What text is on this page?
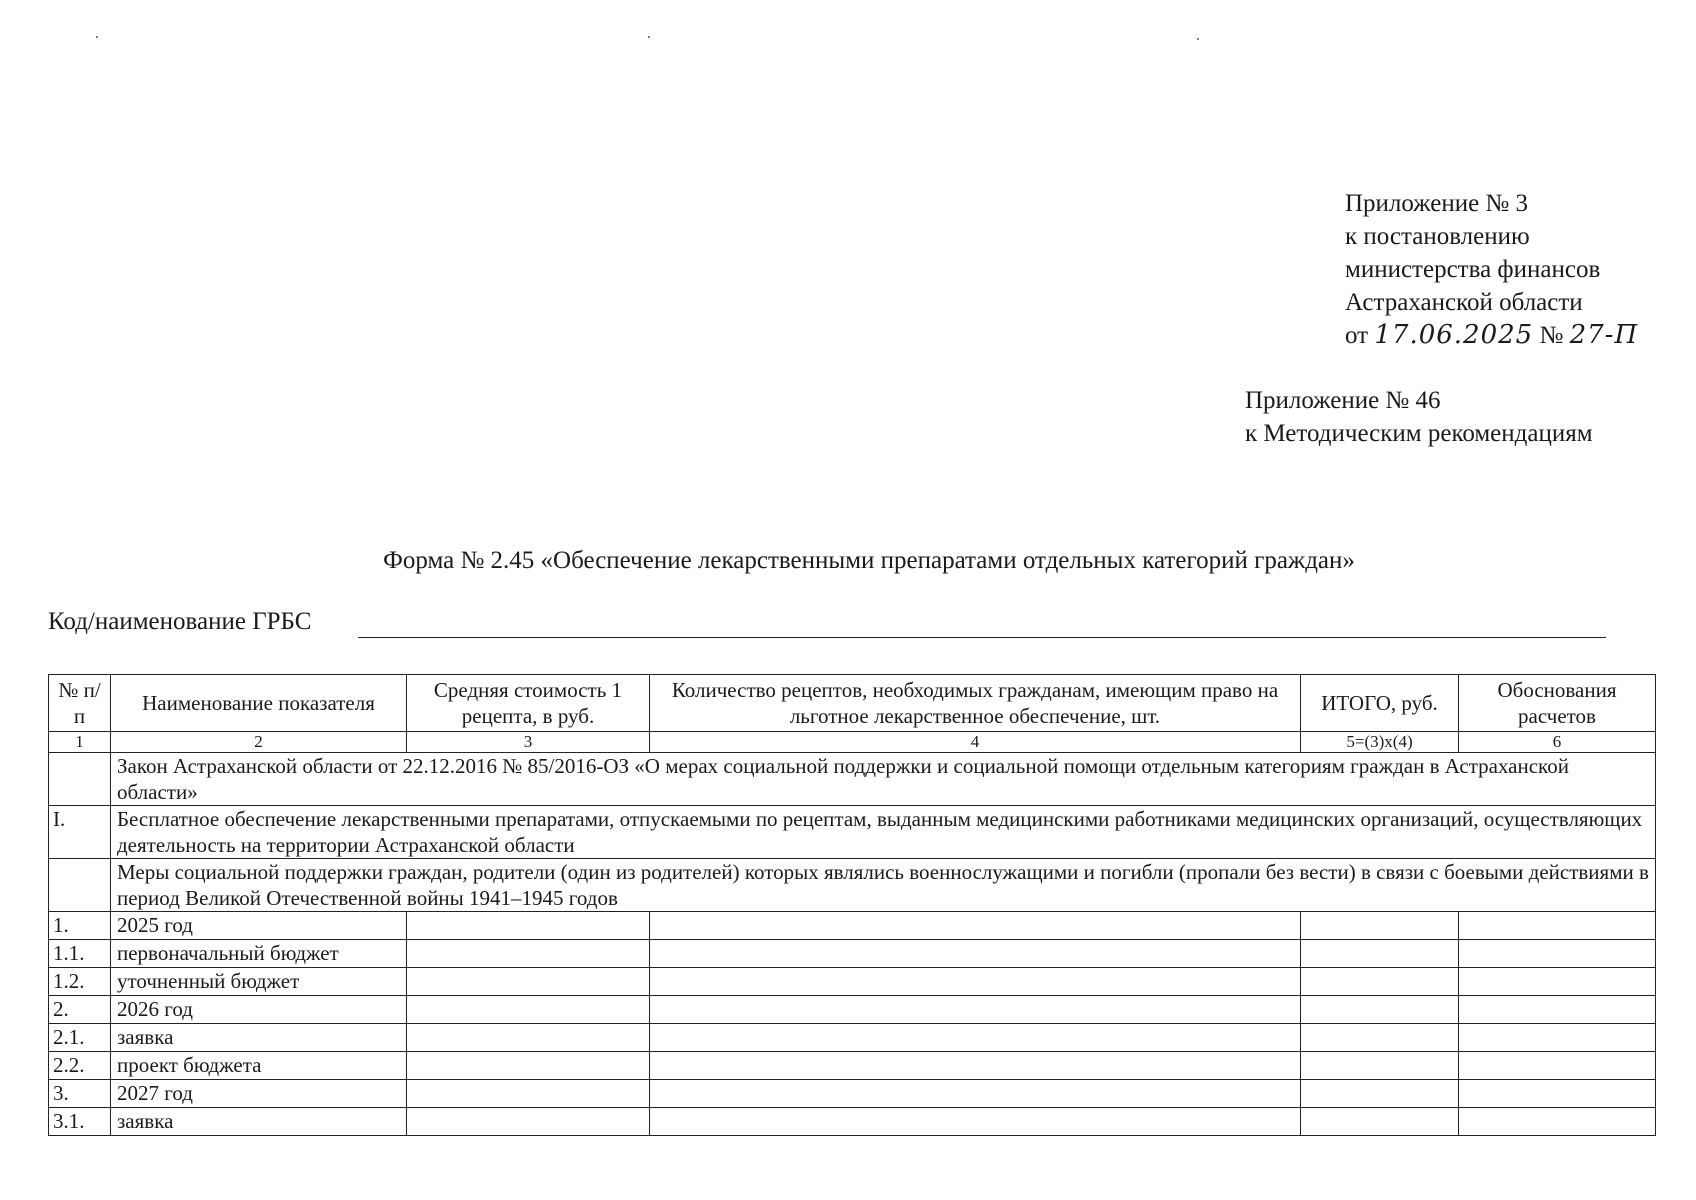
Приложение № 3
к постановлению
министерства финансов
Астраханской области
от 17.06.2025 № 27-П
Приложение № 46
к Методическим рекомендациям
Форма № 2.45 «Обеспечение лекарственными препаратами отдельных категорий граждан»
Код/наименование ГРБС
№ п/п	Наименование показателя	Средняя стоимость 1 рецепта, в руб.	Количество рецептов, необходимых гражданам, имеющим право на льготное лекарственное обеспечение, шт.	ИТОГО, руб.	Обоснования расчетов
1	2	3	4	5=(3)х(4)	6
	Закон Астраханской области от 22.12.2016 № 85/2016-ОЗ «О мерах социальной поддержки и социальной помощи отдельным категориям граждан в Астраханской области»				
I.	Бесплатное обеспечение лекарственными препаратами, отпускаемыми по рецептам, выданным медицинскими работниками медицинских организаций, осуществляющих деятельность на территории Астраханской области				
	Меры социальной поддержки граждан, родители (один из родителей) которых являлись военнослужащими и погибли (пропали без вести) в связи с боевыми действиями в период Великой Отечественной войны 1941–1945 годов				
1.	2025 год				
1.1.	первоначальный бюджет				
1.2.	уточненный бюджет				
2.	2026 год				
2.1.	заявка				
2.2.	проект бюджета				
3.	2027 год				
3.1.	заявка				
